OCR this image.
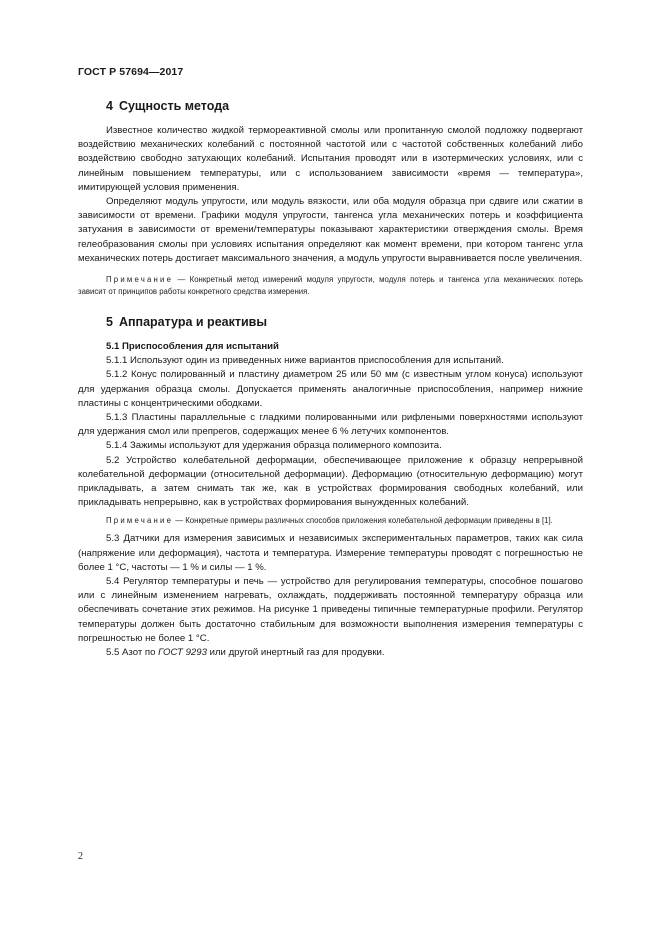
ГОСТ Р 57694—2017
4 Сущность метода

Известное количество жидкой термореактивной смолы или пропитанную смолой подложку подвергают воздействию механических колебаний с постоянной частотой или с частотой собственных колебаний либо воздействию свободно затухающих колебаний. Испытания проводят или в изотермических условиях, или с линейным повышением температуры, или с использованием зависимости «время — температура», имитирующей условия применения.

Определяют модуль упругости, или модуль вязкости, или оба модуля образца при сдвиге или сжатии в зависимости от времени. Графики модуля упругости, тангенса угла механических потерь и коэффициента затухания в зависимости от времени/температуры показывают характеристики отверждения смолы. Время гелеобразования смолы при условиях испытания определяют как момент времени, при котором тангенс угла механических потерь достигает максимального значения, а модуль упругости выравнивается после увеличения.

Примечание — Конкретный метод измерений модуля упругости, модуля потерь и тангенса угла механических потерь зависит от принципов работы конкретного средства измерения.

5 Аппаратура и реактивы
5.1 Приспособления для испытаний

5.1.1 Используют один из приведенных ниже вариантов приспособления для испытаний.

5.1.2 Конус полированный и пластину диаметром 25 или 50 мм (с известным углом конуса) используют для удержания образца смолы. Допускается применять аналогичные приспособления, например нижние пластины с концентрическими ободками.

5.1.3 Пластины параллельные с гладкими полированными или рифлеными поверхностями используют для удержания смол или препрегов, содержащих менее 6 % летучих компонентов.

5.1.4 Зажимы используют для удержания образца полимерного композита.

5.2 Устройство колебательной деформации, обеспечивающее приложение к образцу непрерывной колебательной деформации (относительной деформации). Деформацию (относительную деформацию) могут прикладывать, а затем снимать так же, как в устройствах формирования свободных колебаний, или прикладывать непрерывно, как в устройствах формирования вынужденных колебаний.

Примечание — Конкретные примеры различных способов приложения колебательной деформации приведены в [1].

5.3 Датчики для измерения зависимых и независимых экспериментальных параметров, таких как сила (напряжение или деформация), частота и температура. Измерение температуры проводят с погрешностью не более 1 °С, частоты — 1 % и силы — 1 %.

5.4 Регулятор температуры и печь — устройство для регулирования температуры, способное пошагово или с линейным изменением нагревать, охлаждать, поддерживать постоянной температуру образца или обеспечивать сочетание этих режимов. На рисунке 1 приведены типичные температурные профили. Регулятор температуры должен быть достаточно стабильным для возможности выполнения измерения температуры с погрешностью не более 1 °С.

5.5 Азот по ГОСТ 9293 или другой инертный газ для продувки.

2
